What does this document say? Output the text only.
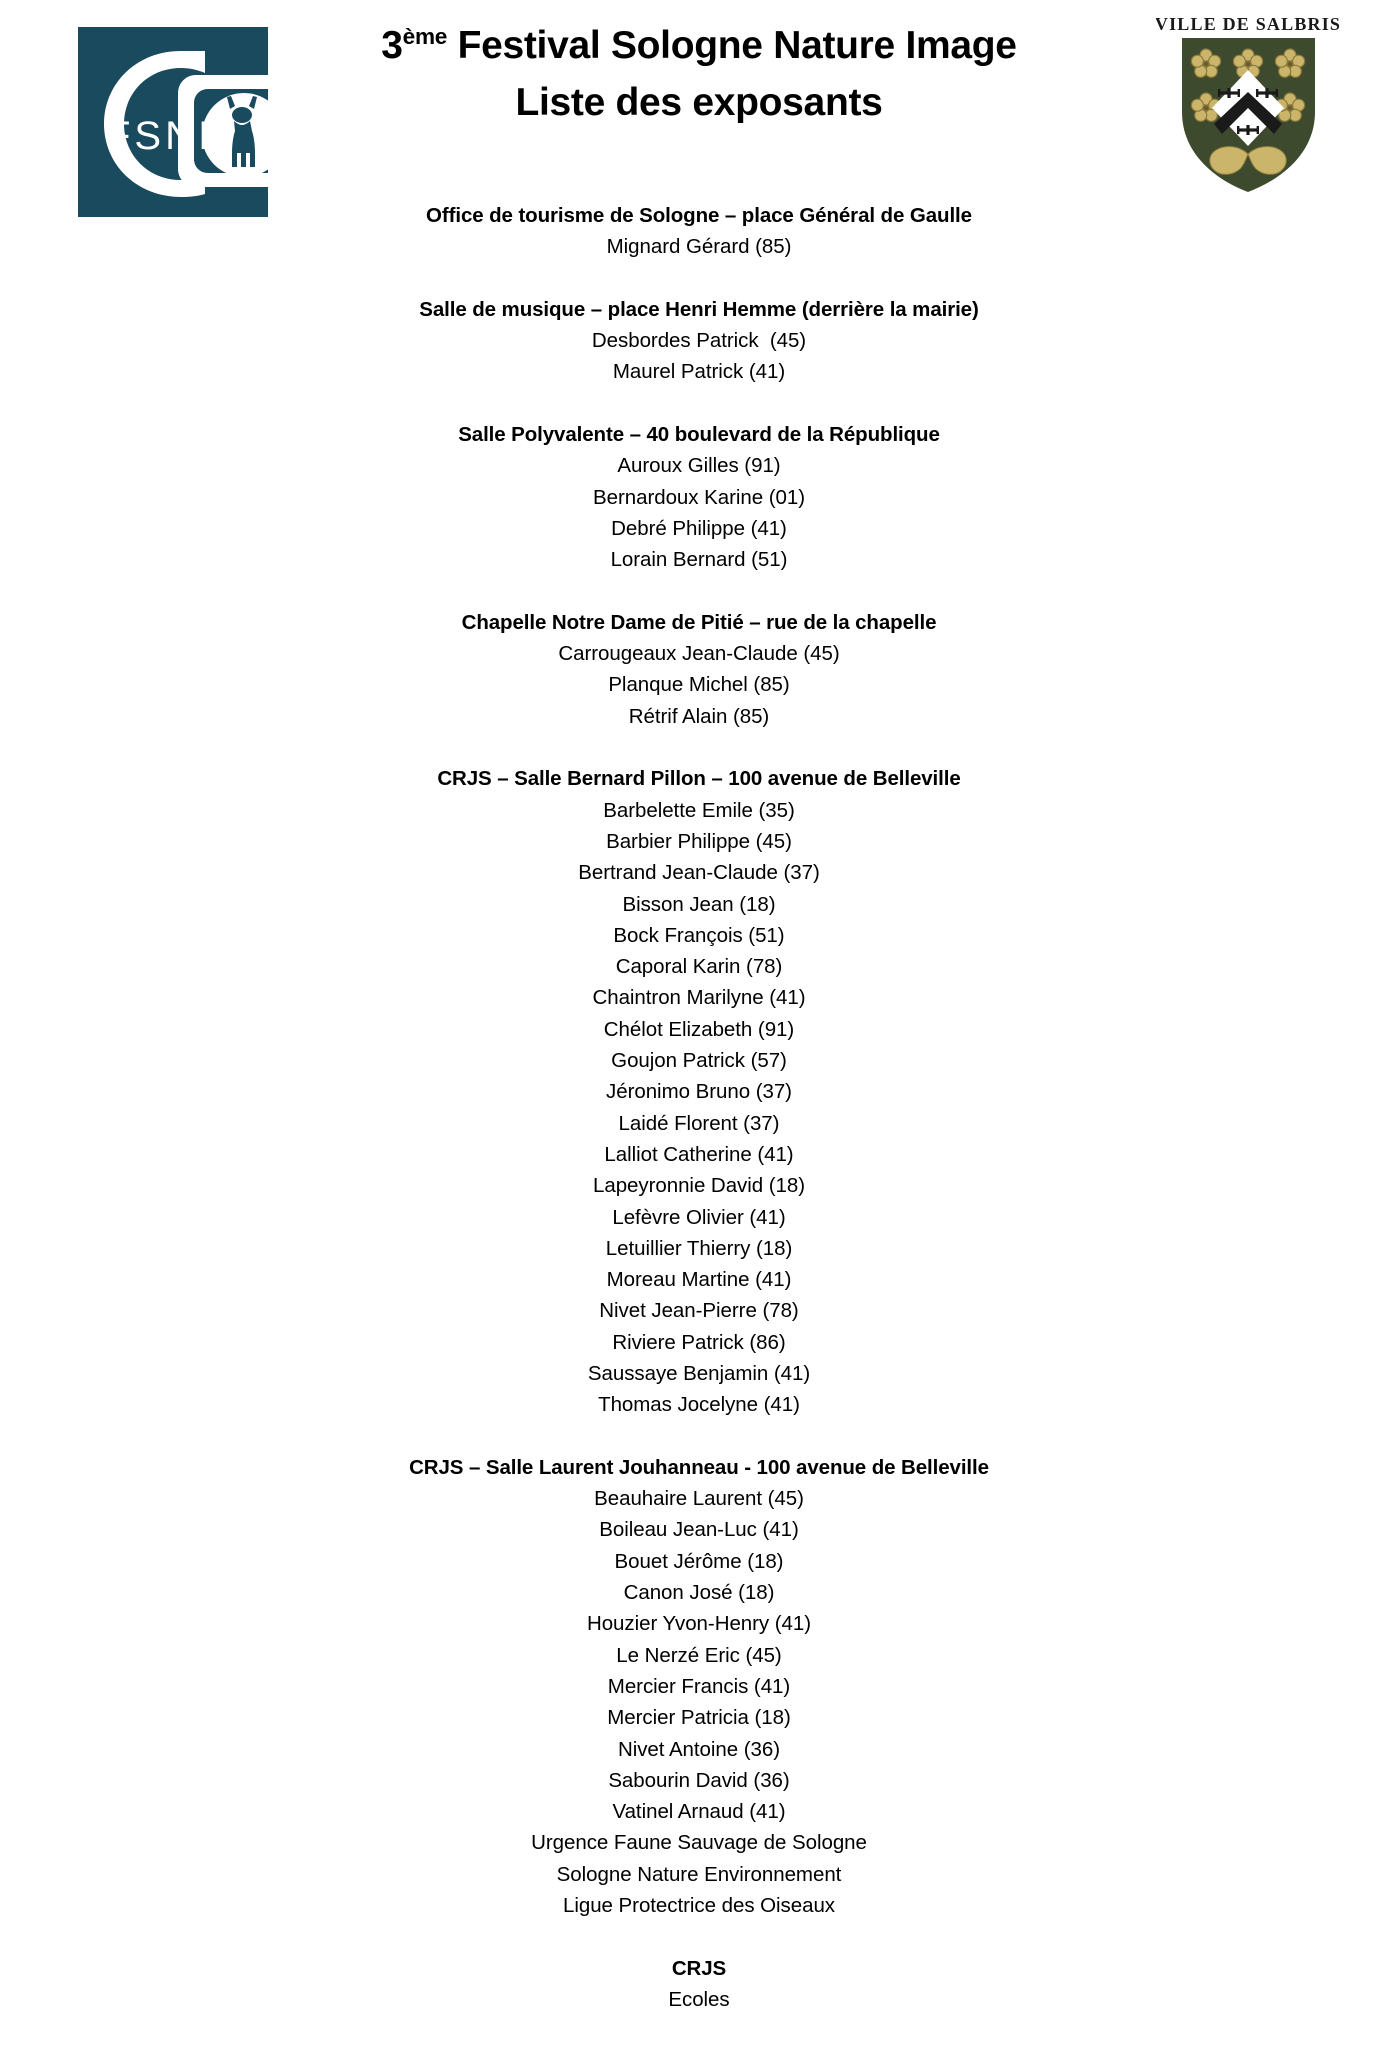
FSNI
3ème Festival Sologne Nature Image
Liste des exposants
VILLE DE SALBRIS
Office de tourisme de Sologne – place Général de Gaulle
Mignard Gérard (85)
Salle de musique – place Henri Hemme (derrière la mairie)
Desbordes Patrick  (45)
Maurel Patrick (41)
Salle Polyvalente – 40 boulevard de la République
Auroux Gilles (91)
Bernardoux Karine (01)
Debré Philippe (41)
Lorain Bernard (51)
Chapelle Notre Dame de Pitié – rue de la chapelle
Carrougeaux Jean-Claude (45)
Planque Michel (85)
Rétrif Alain (85)
CRJS – Salle Bernard Pillon – 100 avenue de Belleville
Barbelette Emile (35)
Barbier Philippe (45)
Bertrand Jean-Claude (37)
Bisson Jean (18)
Bock François (51)
Caporal Karin (78)
Chaintron Marilyne (41)
Chélot Elizabeth (91)
Goujon Patrick (57)
Jéronimo Bruno (37)
Laidé Florent (37)
Lalliot Catherine (41)
Lapeyronnie David (18)
Lefèvre Olivier (41)
Letuillier Thierry (18)
Moreau Martine (41)
Nivet Jean-Pierre (78)
Riviere Patrick (86)
Saussaye Benjamin (41)
Thomas Jocelyne (41)
CRJS – Salle Laurent Jouhanneau - 100 avenue de Belleville
Beauhaire Laurent (45)
Boileau Jean-Luc (41)
Bouet Jérôme (18)
Canon José (18)
Houzier Yvon-Henry (41)
Le Nerzé Eric (45)
Mercier Francis (41)
Mercier Patricia (18)
Nivet Antoine (36)
Sabourin David (36)
Vatinel Arnaud (41)
Urgence Faune Sauvage de Sologne
Sologne Nature Environnement
Ligue Protectrice des Oiseaux
CRJS
Ecoles
